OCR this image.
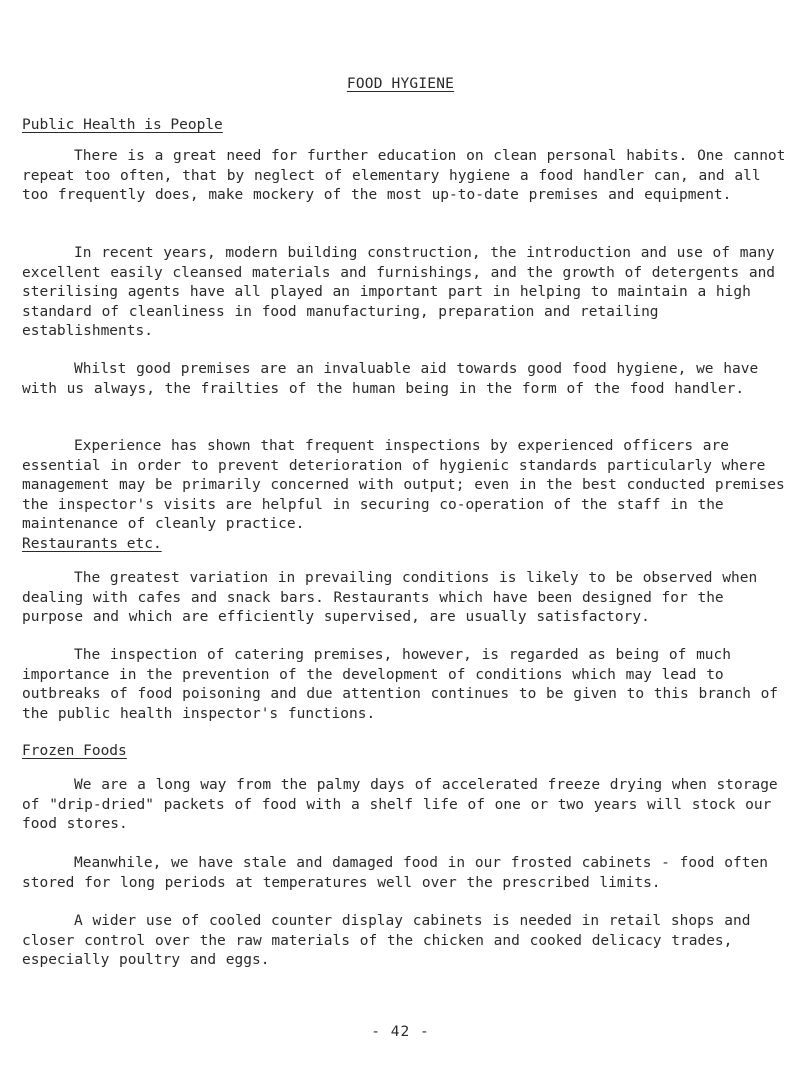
FOOD HYGIENE
Public Health is People

There is a great need for further education on clean personal habits. One cannot repeat too often, that by neglect of elementary hygiene a food handler can, and all too frequently does, make mockery of the most up-to-date premises and equipment.

In recent years, modern building construction, the introduction and use of many excellent easily cleansed materials and furnishings, and the growth of detergents and sterilising agents have all played an important part in helping to maintain a high standard of cleanliness in food manufacturing, preparation and retailing establishments.

Whilst good premises are an invaluable aid towards good food hygiene, we have with us always, the frailties of the human being in the form of the food handler.

Experience has shown that frequent inspections by experienced officers are essential in order to prevent deterioration of hygienic standards particularly where management may be primarily concerned with output; even in the best conducted premises the inspector's visits are helpful in securing co-operation of the staff in the maintenance of cleanly practice.

Restaurants etc.

The greatest variation in prevailing conditions is likely to be observed when dealing with cafes and snack bars. Restaurants which have been designed for the purpose and which are efficiently supervised, are usually satisfactory.

The inspection of catering premises, however, is regarded as being of much importance in the prevention of the development of conditions which may lead to outbreaks of food poisoning and due attention continues to be given to this branch of the public health inspector's functions.

Frozen Foods

We are a long way from the palmy days of accelerated freeze drying when storage of "drip-dried" packets of food with a shelf life of one or two years will stock our food stores.

Meanwhile, we have stale and damaged food in our frosted cabinets - food often stored for long periods at temperatures well over the prescribed limits.

A wider use of cooled counter display cabinets is needed in retail shops and closer control over the raw materials of the chicken and cooked delicacy trades, especially poultry and eggs.

- 42 -
